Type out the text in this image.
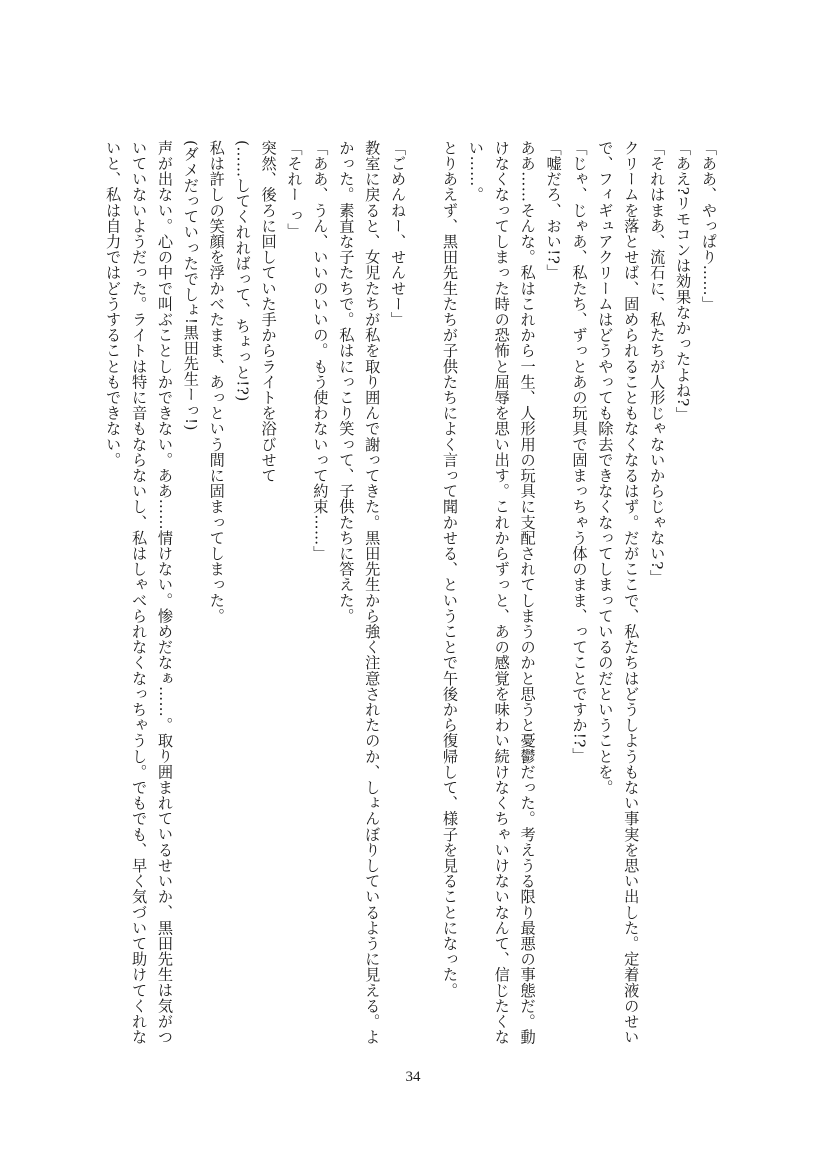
「ああ、やっぱり……」

「あえ?リモコンは効果なかったよね?」

「それはまあ、流石に、私たちが人形じゃないからじゃない?」

クリームを落とせば、固められることもなくなるはず。だがここで、私たちはどうしようもない事実を思い出した。定着液のせいで、フィギュアクリームはどうやっても除去できなくなってしまっているのだということを。

「じゃ、じゃあ、私たち、ずっとあの玩具で固まっちゃう体のまま、ってことですか!?」

「嘘だろ、おい!?」

ああ……そんな。私はこれから一生、人形用の玩具に支配されてしまうのかと思うと憂鬱だった。考えうる限り最悪の事態だ。動けなくなってしまった時の恐怖と屈辱を思い出す。これからずっと、あの感覚を味わい続けなくちゃいけないなんて、信じたくない……。

とりあえず、黒田先生たちが子供たちによく言って聞かせる、ということで午後から復帰して、様子を見ることになった。

「ごめんねー、せんせー」

教室に戻ると、女児たちが私を取り囲んで謝ってきた。黒田先生から強く注意されたのか、しょんぼりしているように見える。よかった。素直な子たちで。私はにっこり笑って、子供たちに答えた。

「ああ、うん、いいのいいの。もう使わないって約束……」

「それー っ」

突然、後ろに回していた手からライトを浴びせて

(……してくれればって、ちょっと!?)

私は許しの笑顔を浮かべたまま、あっという間に固まってしまった。

(ダメだっていったでしょ!黒田先生ーっ!)

声が出ない。心の中で叫ぶことしかできない。ああ……情けない。惨めだなぁ……。取り囲まれているせいか、黒田先生は気がついていないようだった。ライトは特に音もならないし、私はしゃべられなくなっちゃうし。でもでも、早く気づいて助けてくれないと、私は自力ではどうすることもできない。

34
